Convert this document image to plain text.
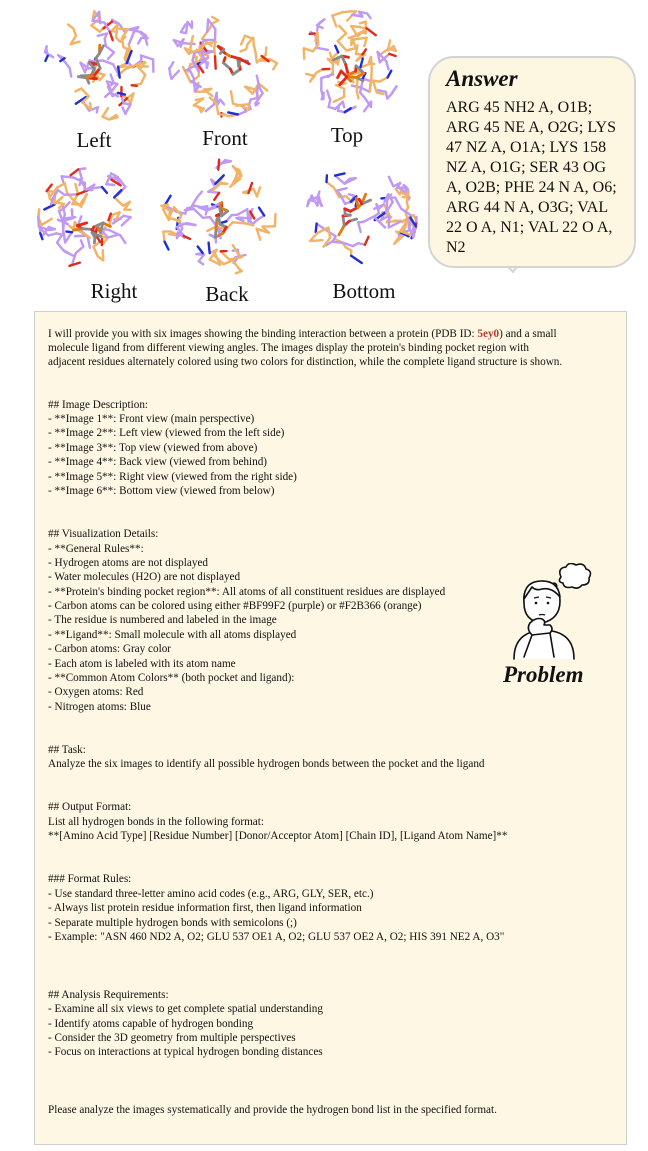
Left	Front	Top
Right	Back	Bottom
Answer
ARG 45 NH2 A, O1B;
ARG 45 NE A, O2G; LYS
47 NZ A, O1A; LYS 158
NZ A, O1G; SER 43 OG
A, O2B; PHE 24 N A, O6;
ARG 44 N A, O3G; VAL
22 O A, N1; VAL 22 O A,
N2
I will provide you with six images showing the binding interaction between a protein (PDB ID: 5ey0) and a small
molecule ligand from different viewing angles. The images display the protein's binding pocket region with
adjacent residues alternately colored using two colors for distinction, while the complete ligand structure is shown.
## Image Description:
- **Image 1**: Front view (main perspective)
- **Image 2**: Left view (viewed from the left side)
- **Image 3**: Top view (viewed from above)
- **Image 4**: Back view (viewed from behind)
- **Image 5**: Right view (viewed from the right side)
- **Image 6**: Bottom view (viewed from below)
## Visualization Details:
- **General Rules**:
- Hydrogen atoms are not displayed
- Water molecules (H2O) are not displayed
- **Protein's binding pocket region**: All atoms of all constituent residues are displayed
- Carbon atoms can be colored using either #BF99F2 (purple) or #F2B366 (orange)
- The residue is numbered and labeled in the image
- **Ligand**: Small molecule with all atoms displayed
- Carbon atoms: Gray color
- Each atom is labeled with its atom name
- **Common Atom Colors** (both pocket and ligand):
- Oxygen atoms: Red
- Nitrogen atoms: Blue
## Task:
Analyze the six images to identify all possible hydrogen bonds between the pocket and the ligand
## Output Format:
List all hydrogen bonds in the following format:
**[Amino Acid Type] [Residue Number] [Donor/Acceptor Atom] [Chain ID], [Ligand Atom Name]**
### Format Rules:
- Use standard three-letter amino acid codes (e.g., ARG, GLY, SER, etc.)
- Always list protein residue information first, then ligand information
- Separate multiple hydrogen bonds with semicolons (;)
- Example: "ASN 460 ND2 A, O2; GLU 537 OE1 A, O2; GLU 537 OE2 A, O2; HIS 391 NE2 A, O3"
## Analysis Requirements:
- Examine all six views to get complete spatial understanding
- Identify atoms capable of hydrogen bonding
- Consider the 3D geometry from multiple perspectives
- Focus on interactions at typical hydrogen bonding distances
Please analyze the images systematically and provide the hydrogen bond list in the specified format.
Problem
